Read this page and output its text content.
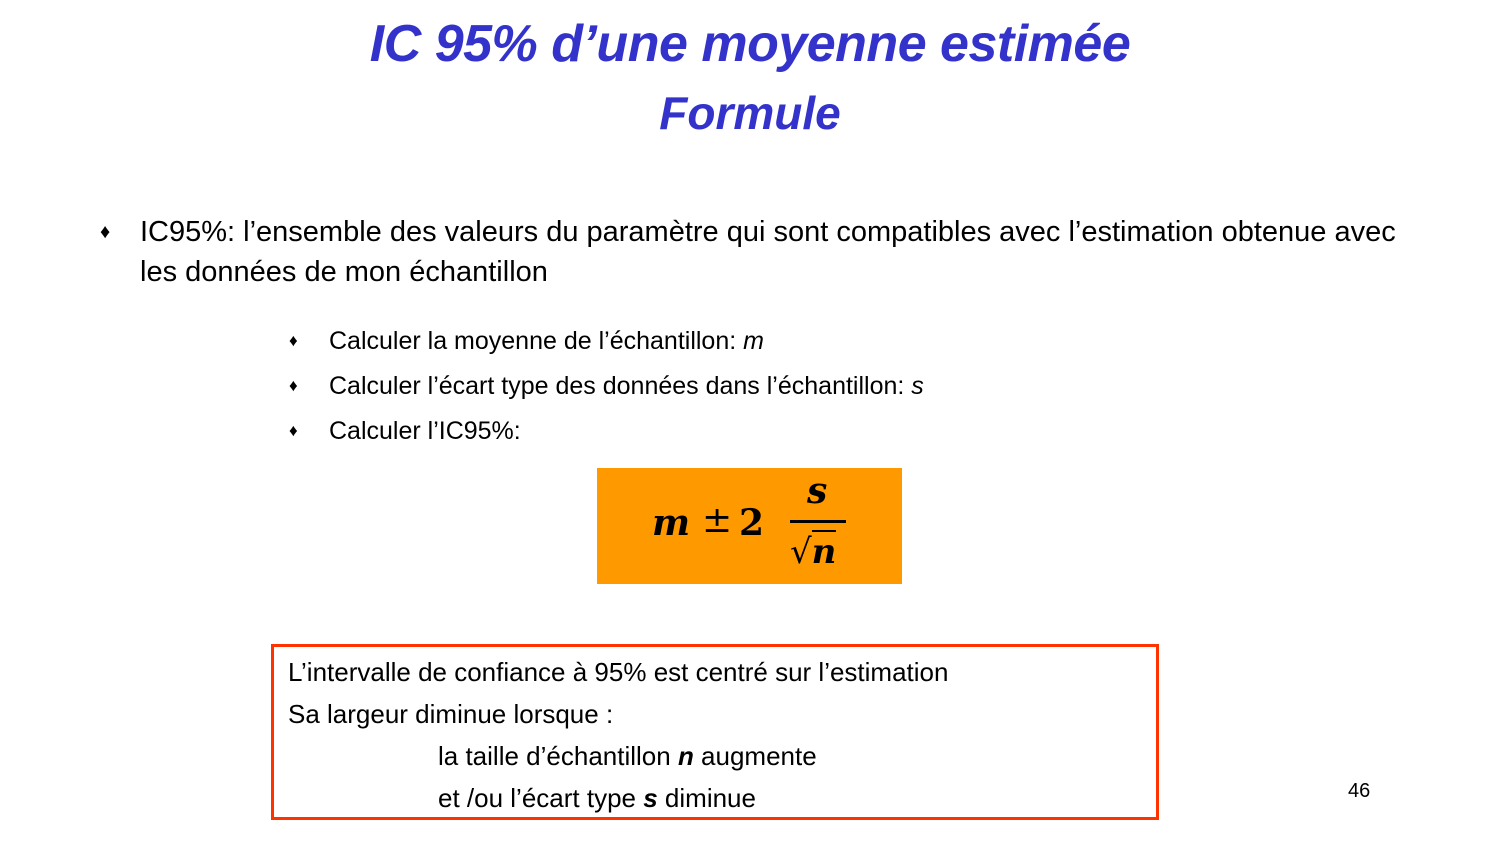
IC 95% d’une moyenne estimée
Formule
♦ IC95%: l’ensemble des valeurs du paramètre qui sont compatibles avec l’estimation obtenue avec les données de mon échantillon
♦ Calculer la moyenne de l’échantillon: m
♦ Calculer l’écart type des données dans l’échantillon: s
♦ Calculer l’IC95%:
m ± 2
s
√n
L’intervalle de confiance à 95% est centré sur l’estimation
Sa largeur diminue lorsque :
la taille d’échantillon n augmente
et /ou l’écart type s diminue	46
